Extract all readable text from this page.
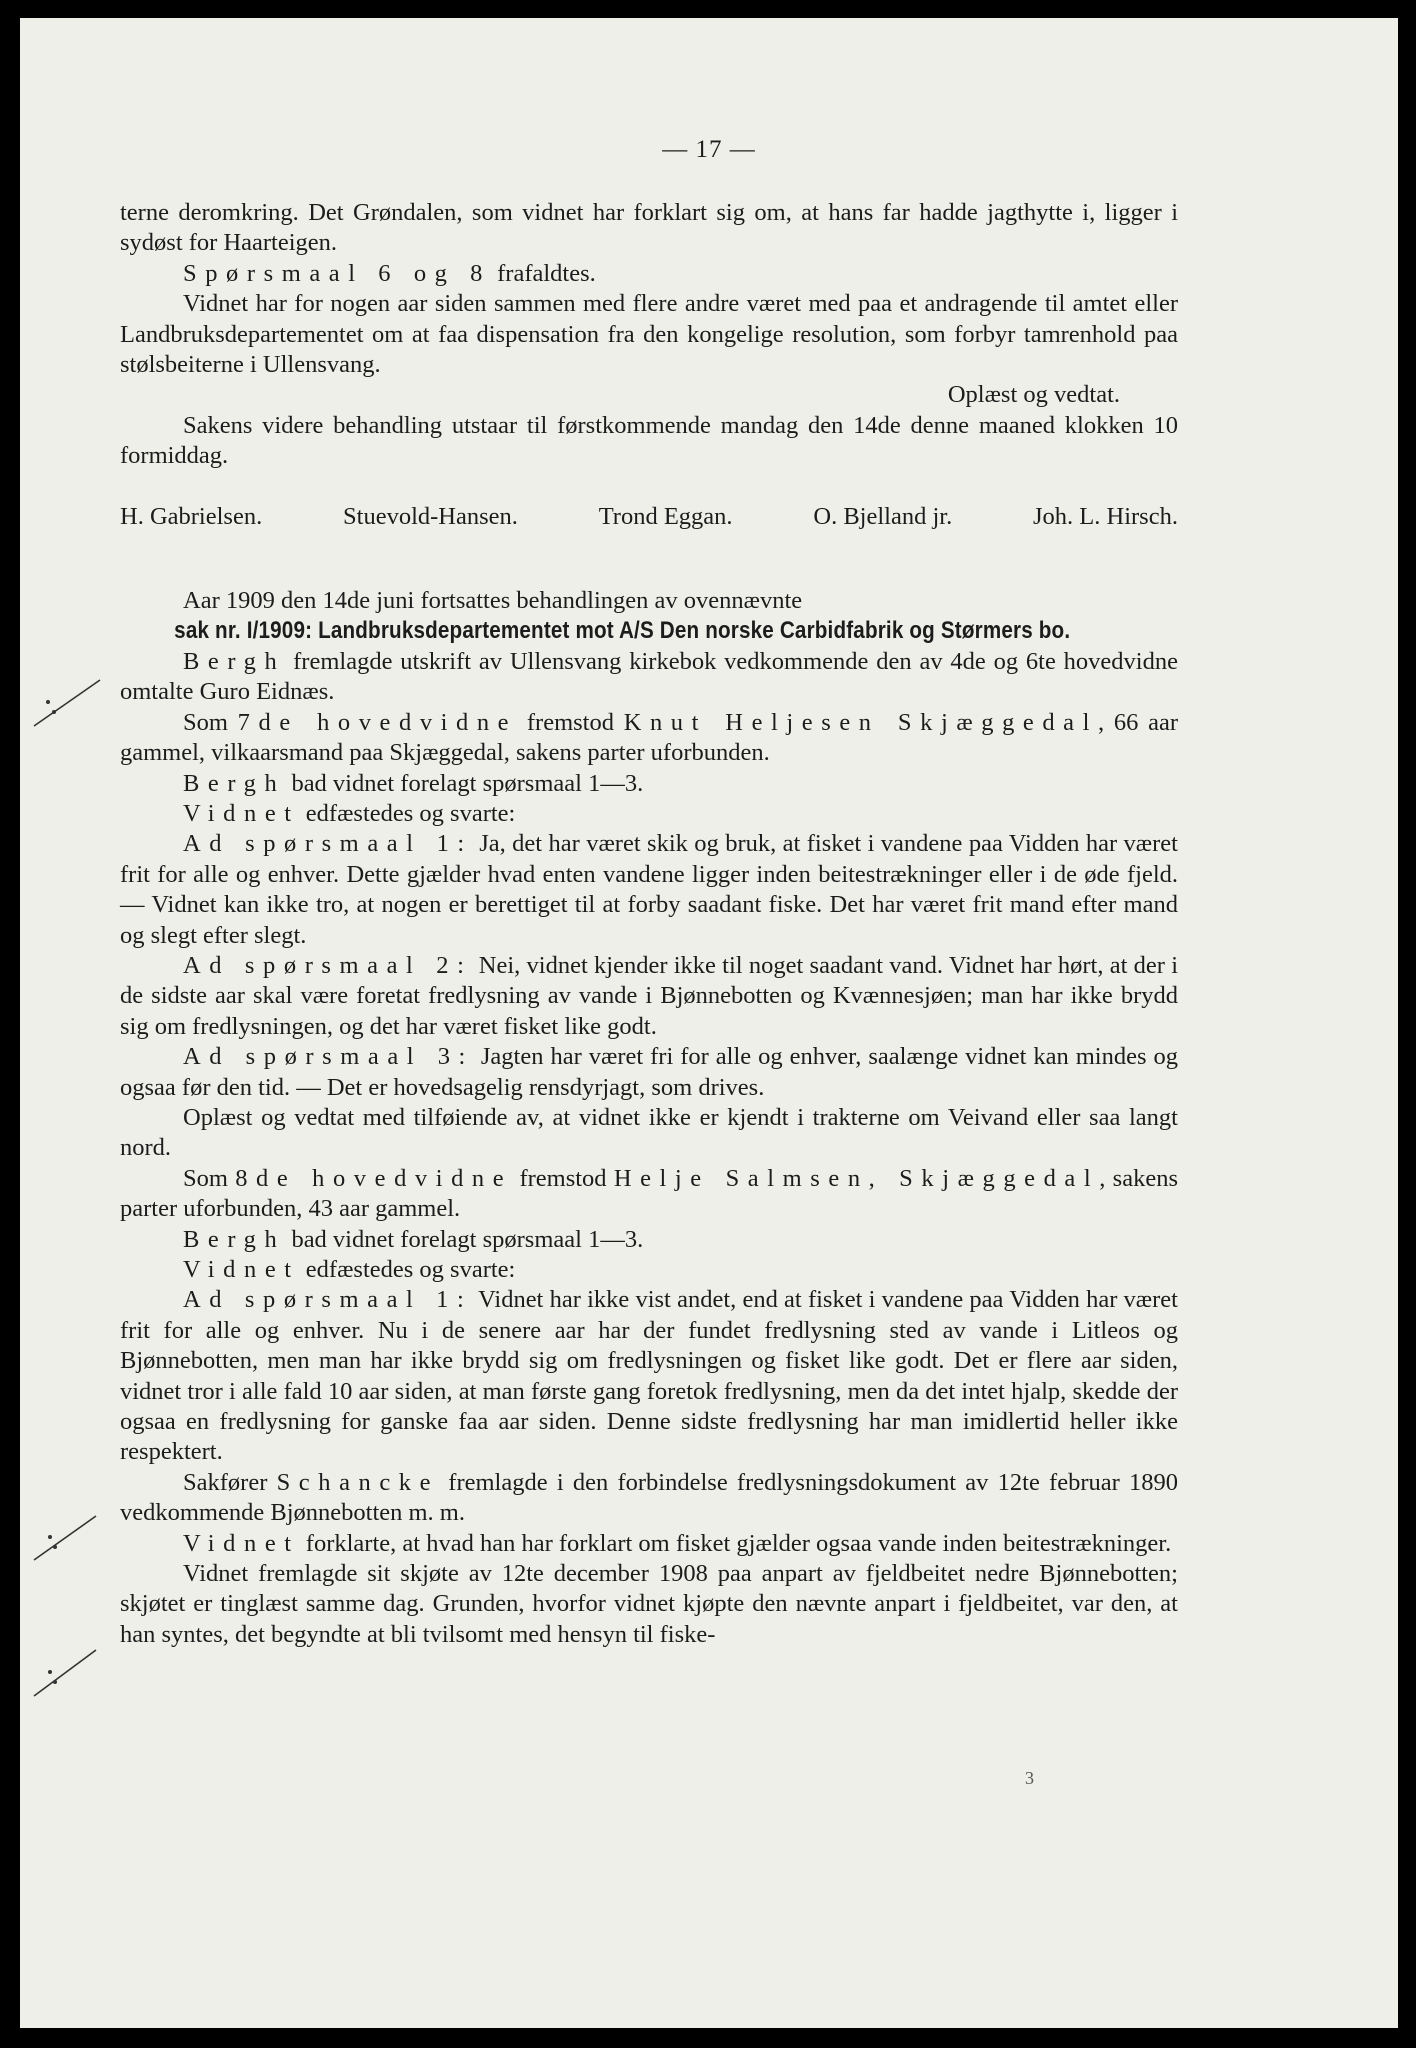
— 17 —

terne deromkring. Det Grøndalen, som vidnet har forklart sig om, at hans far hadde jagthytte i, ligger i sydøst for Haarteigen.

Spørsmaal 6 og 8 frafaldtes.

Vidnet har for nogen aar siden sammen med flere andre været med paa et andragende til amtet eller Landbruksdepartementet om at faa dispensation fra den kongelige resolution, som forbyr tamrenhold paa stølsbeiterne i Ullensvang.

Oplæst og vedtat.

Sakens videre behandling utstaar til førstkommende mandag den 14de denne maaned klokken 10 formiddag.

H. Gabrielsen.	Stuevold-Hansen.	Trond Eggan.	O. Bjelland jr.	Joh. L. Hirsch.

Aar 1909 den 14de juni fortsattes behandlingen av ovennævnte

sak nr. I/1909: Landbruksdepartementet mot A/S Den norske Carbidfabrik og Størmers bo.

Bergh fremlagde utskrift av Ullensvang kirkebok vedkommende den av 4de og 6te hovedvidne omtalte Guro Eidnæs.

Som 7de hovedvidne fremstod Knut Heljesen Skjæggedal, 66 aar gammel, vilkaarsmand paa Skjæggedal, sakens parter uforbunden.

Bergh bad vidnet forelagt spørsmaal 1—3.

Vidnet edfæstedes og svarte:

Ad spørsmaal 1: Ja, det har været skik og bruk, at fisket i vandene paa Vidden har været frit for alle og enhver. Dette gjælder hvad enten vandene ligger inden beitestrækninger eller i de øde fjeld. — Vidnet kan ikke tro, at nogen er berettiget til at forby saadant fiske. Det har været frit mand efter mand og slegt efter slegt.

Ad spørsmaal 2: Nei, vidnet kjender ikke til noget saadant vand. Vidnet har hørt, at der i de sidste aar skal være foretat fredlysning av vande i Bjønnebotten og Kvænnesjøen; man har ikke brydd sig om fredlysningen, og det har været fisket like godt.

Ad spørsmaal 3: Jagten har været fri for alle og enhver, saalænge vidnet kan mindes og ogsaa før den tid. — Det er hovedsagelig rensdyrjagt, som drives.

Oplæst og vedtat med tilføiende av, at vidnet ikke er kjendt i trakterne om Veivand eller saa langt nord.

Som 8de hovedvidne fremstod Helje Salmsen, Skjæggedal, sakens parter uforbunden, 43 aar gammel.

Bergh bad vidnet forelagt spørsmaal 1—3.

Vidnet edfæstedes og svarte:

Ad spørsmaal 1: Vidnet har ikke vist andet, end at fisket i vandene paa Vidden har været frit for alle og enhver. Nu i de senere aar har der fundet fredlysning sted av vande i Litleos og Bjønnebotten, men man har ikke brydd sig om fredlysningen og fisket like godt. Det er flere aar siden, vidnet tror i alle fald 10 aar siden, at man første gang foretok fredlysning, men da det intet hjalp, skedde der ogsaa en fredlysning for ganske faa aar siden. Denne sidste fredlysning har man imidlertid heller ikke respektert.

Sakfører Schancke fremlagde i den forbindelse fredlysningsdokument av 12te februar 1890 vedkommende Bjønnebotten m. m.

Vidnet forklarte, at hvad han har forklart om fisket gjælder ogsaa vande inden beitestrækninger.

Vidnet fremlagde sit skjøte av 12te december 1908 paa anpart av fjeldbeitet nedre Bjønnebotten; skjøtet er tinglæst samme dag. Grunden, hvorfor vidnet kjøpte den nævnte anpart i fjeldbeitet, var den, at han syntes, det begyndte at bli tvilsomt med hensyn til fiske-

3
